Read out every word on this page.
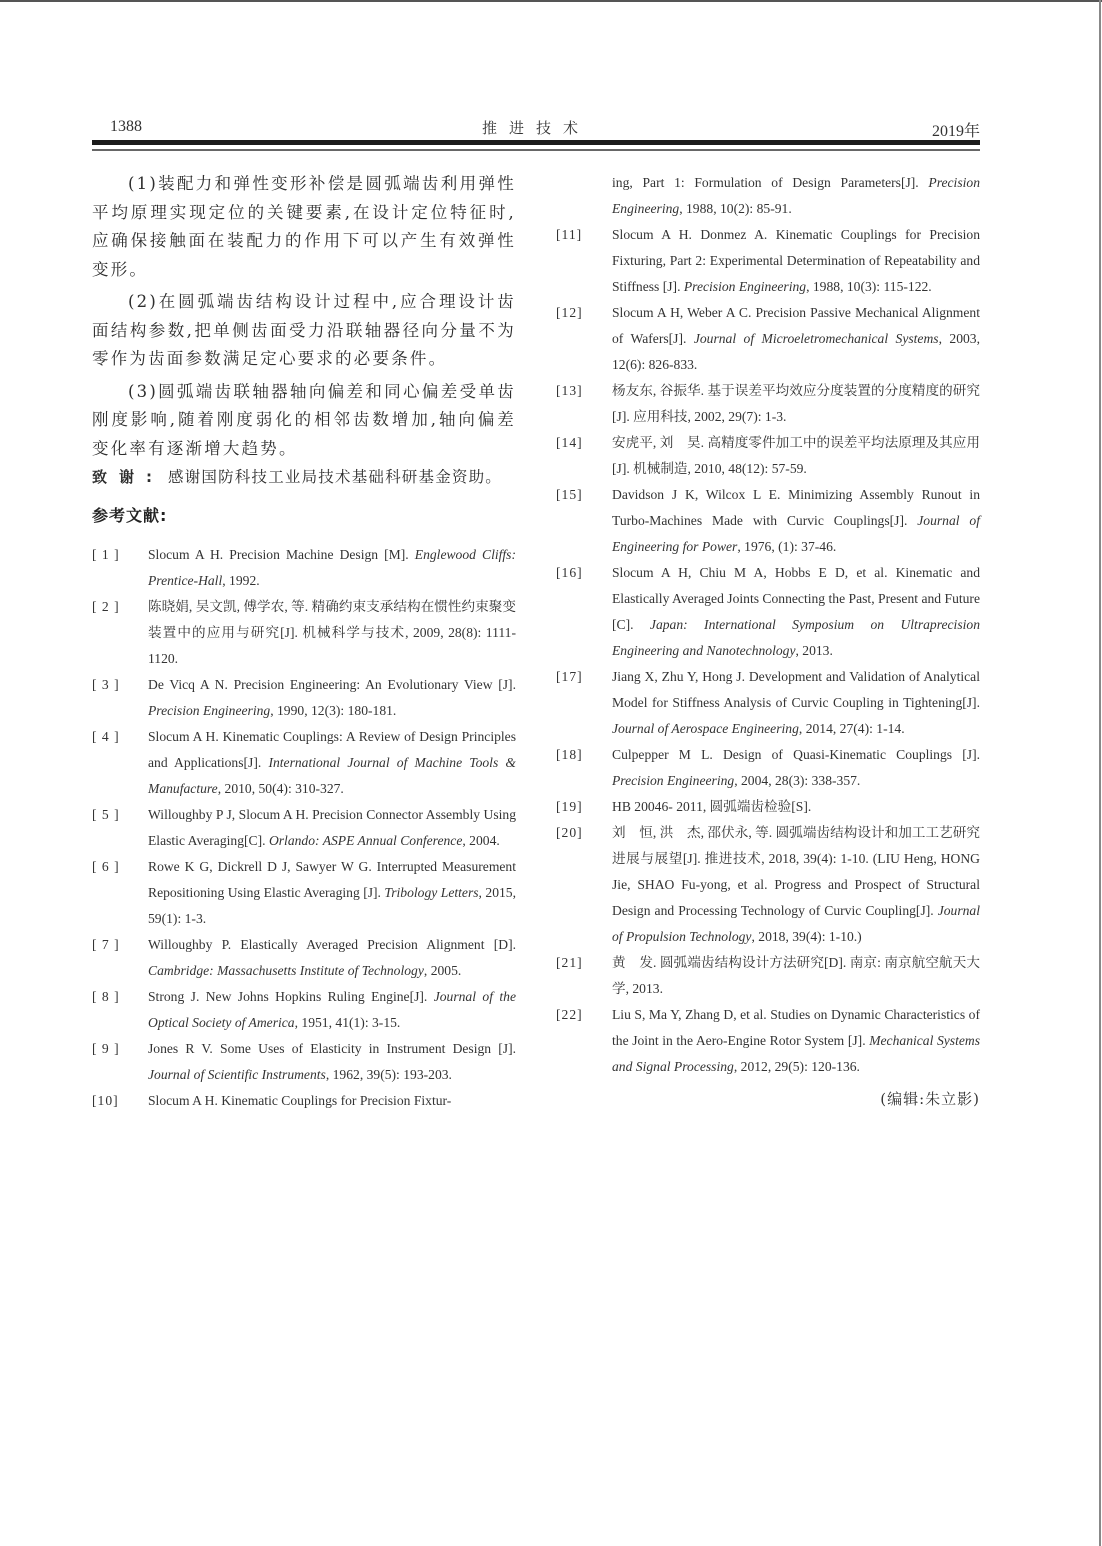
1388	推进技术	2019年

(1)装配力和弹性变形补偿是圆弧端齿利用弹性平均原理实现定位的关键要素,在设计定位特征时,应确保接触面在装配力的作用下可以产生有效弹性变形。

(2)在圆弧端齿结构设计过程中,应合理设计齿面结构参数,把单侧齿面受力沿联轴器径向分量不为零作为齿面参数满足定心要求的必要条件。

(3)圆弧端齿联轴器轴向偏差和同心偏差受单齿刚度影响,随着刚度弱化的相邻齿数增加,轴向偏差变化率有逐渐增大趋势。

致谢: 感谢国防科技工业局技术基础科研基金资助。

参考文献:
[ 1 ]	Slocum A H. Precision Machine Design [M]. Englewood Cliffs: Prentice-Hall, 1992.
[ 2 ]	陈晓娟, 吴文凯, 傅学农, 等. 精确约束支承结构在惯性约束聚变装置中的应用与研究[J]. 机械科学与技术, 2009, 28(8): 1111-1120.
[ 3 ]	De Vicq A N. Precision Engineering: An Evolutionary View [J]. Precision Engineering, 1990, 12(3): 180-181.
[ 4 ]	Slocum A H. Kinematic Couplings: A Review of Design Principles and Applications[J]. International Journal of Machine Tools & Manufacture, 2010, 50(4): 310-327.
[ 5 ]	Willoughby P J, Slocum A H. Precision Connector Assembly Using Elastic Averaging[C]. Orlando: ASPE Annual Conference, 2004.
[ 6 ]	Rowe K G, Dickrell D J, Sawyer W G. Interrupted Measurement Repositioning Using Elastic Averaging [J]. Tribology Letters, 2015, 59(1): 1-3.
[ 7 ]	Willoughby P. Elastically Averaged Precision Alignment [D]. Cambridge: Massachusetts Institute of Technology, 2005.
[ 8 ]	Strong J. New Johns Hopkins Ruling Engine[J]. Journal of the Optical Society of America, 1951, 41(1): 3-15.
[ 9 ]	Jones R V. Some Uses of Elasticity in Instrument Design [J]. Journal of Scientific Instruments, 1962, 39(5): 193-203.
[10]	Slocum A H. Kinematic Couplings for Precision Fixtur-
ing, Part 1: Formulation of Design Parameters[J]. Precision Engineering, 1988, 10(2): 85-91.
[11]	Slocum A H. Donmez A. Kinematic Couplings for Precision Fixturing, Part 2: Experimental Determination of Repeatability and Stiffness [J]. Precision Engineering, 1988, 10(3): 115-122.
[12]	Slocum A H, Weber A C. Precision Passive Mechanical Alignment of Wafers[J]. Journal of Microeletromechanical Systems, 2003, 12(6): 826-833.
[13]	杨友东, 谷振华. 基于误差平均效应分度装置的分度精度的研究[J]. 应用科技, 2002, 29(7): 1-3.
[14]	安虎平, 刘　昊. 高精度零件加工中的误差平均法原理及其应用[J]. 机械制造, 2010, 48(12): 57-59.
[15]	Davidson J K, Wilcox L E. Minimizing Assembly Runout in Turbo-Machines Made with Curvic Couplings[J]. Journal of Engineering for Power, 1976, (1): 37-46.
[16]	Slocum A H, Chiu M A, Hobbs E D, et al. Kinematic and Elastically Averaged Joints Connecting the Past, Present and Future [C]. Japan: International Symposium on Ultraprecision Engineering and Nanotechnology, 2013.
[17]	Jiang X, Zhu Y, Hong J. Development and Validation of Analytical Model for Stiffness Analysis of Curvic Coupling in Tightening[J]. Journal of Aerospace Engineering, 2014, 27(4): 1-14.
[18]	Culpepper M L. Design of Quasi-Kinematic Couplings [J]. Precision Engineering, 2004, 28(3): 338-357.
[19]	HB 20046- 2011, 圆弧端齿检验[S].
[20]	刘　恒, 洪　杰, 邵伏永, 等. 圆弧端齿结构设计和加工工艺研究进展与展望[J]. 推进技术, 2018, 39(4): 1-10. (LIU Heng, HONG Jie, SHAO Fu-yong, et al. Progress and Prospect of Structural Design and Processing Technology of Curvic Coupling[J]. Journal of Propulsion Technology, 2018, 39(4): 1-10.)
[21]	黄　发. 圆弧端齿结构设计方法研究[D]. 南京: 南京航空航天大学, 2013.
[22]	Liu S, Ma Y, Zhang D, et al. Studies on Dynamic Characteristics of the Joint in the Aero-Engine Rotor System [J]. Mechanical Systems and Signal Processing, 2012, 29(5): 120-136.
(编辑:朱立影)
